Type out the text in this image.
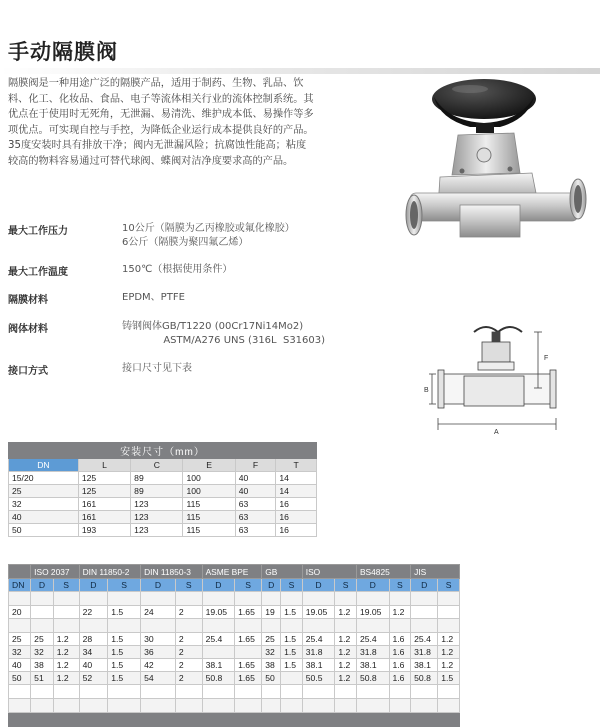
手动隔膜阀
隔膜阀是一种用途广泛的隔膜产品，适用于制药、生物、乳品、饮
料、化工、化妆品、食品、电子等流体相关行业的流体控制系统。其
优点在于使用时无死角，无泄漏、易清洗、维护成本低、易操作等多
项优点。可实现自控与手控，为降低企业运行成本提供良好的产品。
35度安装时具有排放干净；阀内无泄漏风险；抗腐蚀性能高；粘度
较高的物料容易通过可替代球阀、蝶阀对洁净度要求高的产品。
最大工作压力	10公斤（隔膜为乙丙橡胶或氟化橡胶）
6公斤（隔膜为聚四氟乙烯）
最大工作温度	150℃（根据使用条件）
隔膜材料	EPDM、PTFE
阀体材料	铸钢阀体GB/T1220 (00Cr17Ni14Mo2)
ASTM/A276 UNS (316L  S31603)
接口方式	接口尺寸见下表
F
B
A
安装尺寸（mm）					
DN	L	C	E	F	T
15/20	125	89	100	40	14
25	125	89	100	40	14
32	161	123	115	63	16
40	161	123	115	63	16
50	193	123	115	63	16
	ISO 2037		DIN 11850-2		DIN 11850-3		ASME BPE		GB		ISO		BS4825		JIS	
DN	D	S	D	S	D	S	D	S	D	S	D	S	D	S	D	S

20			22	1.5	24	2	19.05	1.65	19	1.5	19.05	1.2	19.05	1.2		

25	25	1.2	28	1.5	30	2	25.4	1.65	25	1.5	25.4	1.2	25.4	1.6	25.4	1.2
32	32	1.2	34	1.5	36	2			32	1.5	31.8	1.2	31.8	1.6	31.8	1.2
40	38	1.2	40	1.5	42	2	38.1	1.65	38	1.5	38.1	1.2	38.1	1.6	38.1	1.2
50	51	1.2	52	1.5	54	2	50.8	1.65	50		50.5	1.2	50.8	1.6	50.8	1.5
